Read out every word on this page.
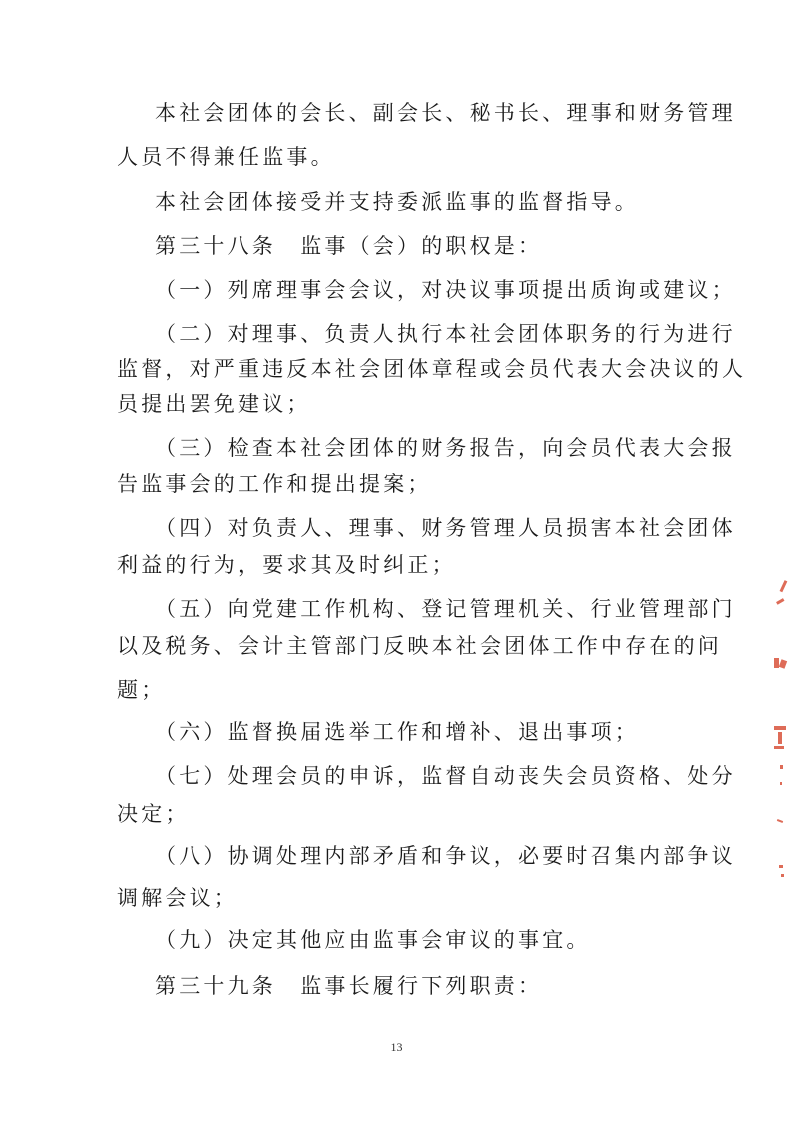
本社会团体的会长、副会长、秘书长、理事和财务管理
人员不得兼任监事。
本社会团体接受并支持委派监事的监督指导。
第三十八条　监事（会）的职权是：
（一）列席理事会会议，对决议事项提出质询或建议；
（二）对理事、负责人执行本社会团体职务的行为进行
监督，对严重违反本社会团体章程或会员代表大会决议的人
员提出罢免建议；
（三）检查本社会团体的财务报告，向会员代表大会报
告监事会的工作和提出提案；
（四）对负责人、理事、财务管理人员损害本社会团体
利益的行为，要求其及时纠正；
（五）向党建工作机构、登记管理机关、行业管理部门
以及税务、会计主管部门反映本社会团体工作中存在的问
题；
（六）监督换届选举工作和增补、退出事项；
（七）处理会员的申诉，监督自动丧失会员资格、处分
决定；
（八）协调处理内部矛盾和争议，必要时召集内部争议
调解会议；
（九）决定其他应由监事会审议的事宜。
第三十九条　监事长履行下列职责：
13
